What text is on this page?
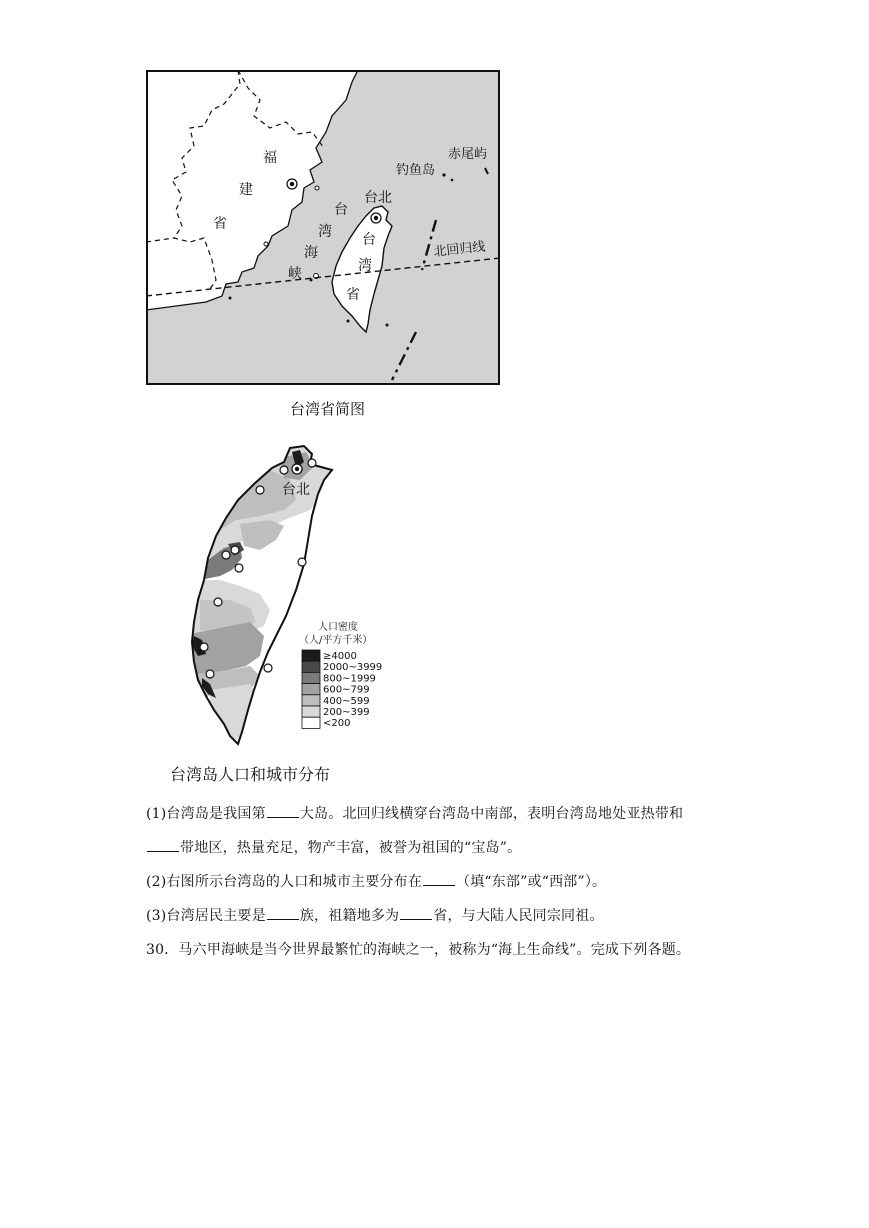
福
建
省
台
湾
海
峡
台
湾
省
台北
钓鱼岛
赤尾屿
北回归线
台湾省简图
台北
人口密度
（人/平方千米）
≥4000
2000~3999
800~1999
600~799
400~599
200~399
<200
台湾岛人口和城市分布
(1)台湾岛是我国第 大岛。北回归线横穿台湾岛中南部，表明台湾岛地处亚热带和
带地区，热量充足，物产丰富，被誉为祖国的“宝岛”。
(2)右图所示台湾岛的人口和城市主要分布在 （填“东部”或“西部”）。
(3)台湾居民主要是 族，祖籍地多为 省，与大陆人民同宗同祖。
30．马六甲海峡是当今世界最繁忙的海峡之一，被称为“海上生命线”。完成下列各题。
